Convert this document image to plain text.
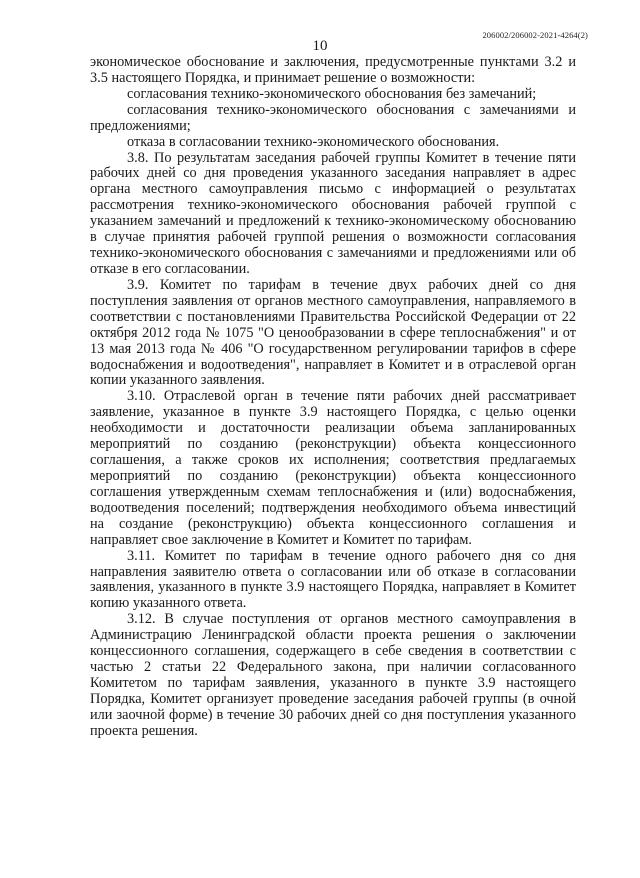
206002/206002-2021-4264(2)
10

экономическое обоснование и заключения, предусмотренные пунктами 3.2 и 3.5 настоящего Порядка, и принимает решение о возможности:

согласования технико-экономического обоснования без замечаний;

согласования технико-экономического обоснования с замечаниями и предложениями;

отказа в согласовании технико-экономического обоснования.

3.8. По результатам заседания рабочей группы Комитет в течение пяти рабочих дней со дня проведения указанного заседания направляет в адрес органа местного самоуправления письмо с информацией о результатах рассмотрения технико-экономического обоснования рабочей группой с указанием замечаний и предложений к технико-экономическому обоснованию в случае принятия рабочей группой решения о возможности согласования технико-экономического обоснования с замечаниями и предложениями или об отказе в его согласовании.

3.9. Комитет по тарифам в течение двух рабочих дней со дня поступления заявления от органов местного самоуправления, направляемого в соответствии с постановлениями Правительства Российской Федерации от 22 октября 2012 года № 1075 "О ценообразовании в сфере теплоснабжения" и от 13 мая 2013 года № 406 "О государственном регулировании тарифов в сфере водоснабжения и водоотведения", направляет в Комитет и в отраслевой орган копии указанного заявления.

3.10. Отраслевой орган в течение пяти рабочих дней рассматривает заявление, указанное в пункте 3.9 настоящего Порядка, с целью оценки необходимости и достаточности реализации объема запланированных мероприятий по созданию (реконструкции) объекта концессионного соглашения, а также сроков их исполнения; соответствия предлагаемых мероприятий по созданию (реконструкции) объекта концессионного соглашения утвержденным схемам теплоснабжения и (или) водоснабжения, водоотведения поселений; подтверждения необходимого объема инвестиций на создание (реконструкцию) объекта концессионного соглашения и направляет свое заключение в Комитет и Комитет по тарифам.

3.11. Комитет по тарифам в течение одного рабочего дня со дня направления заявителю ответа о согласовании или об отказе в согласовании заявления, указанного в пункте 3.9 настоящего Порядка, направляет в Комитет копию указанного ответа.

3.12. В случае поступления от органов местного самоуправления в Администрацию Ленинградской области проекта решения о заключении концессионного соглашения, содержащего в себе сведения в соответствии с частью 2 статьи 22 Федерального закона, при наличии согласованного Комитетом по тарифам заявления, указанного в пункте 3.9 настоящего Порядка, Комитет организует проведение заседания рабочей группы (в очной или заочной форме) в течение 30 рабочих дней со дня поступления указанного проекта решения.
